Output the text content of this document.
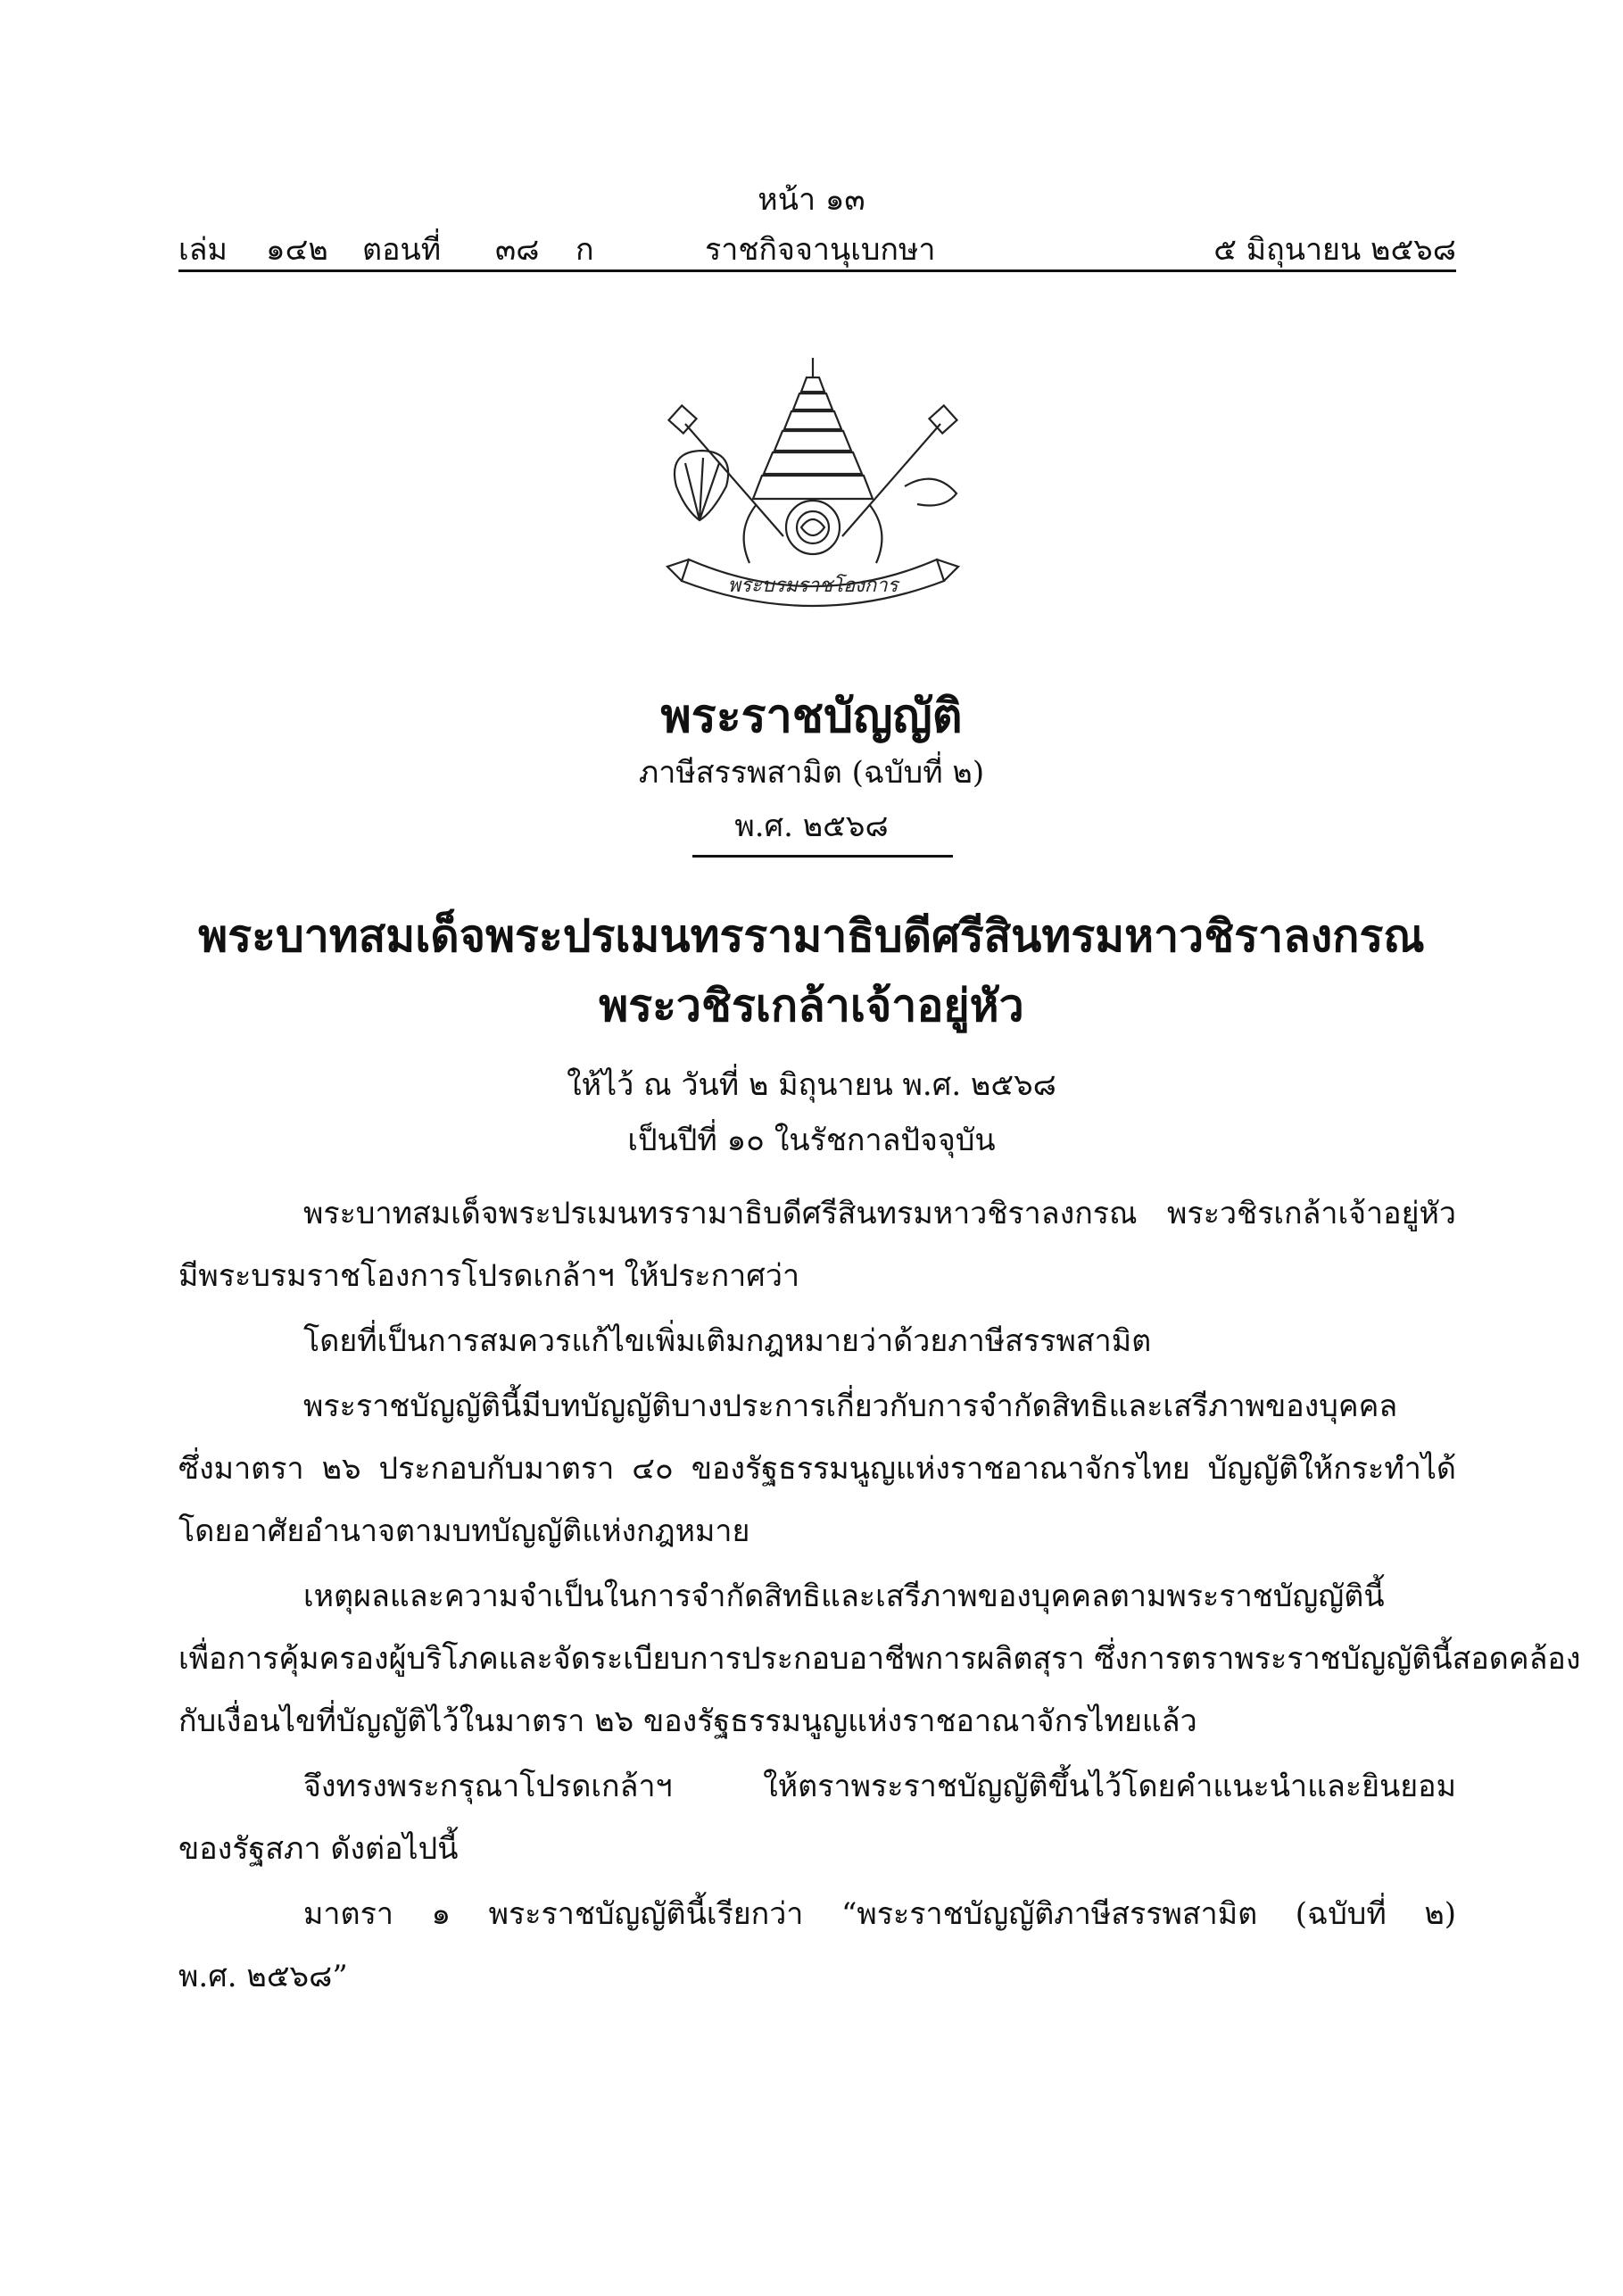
หน้า ๑๓
เล่ม ๑๔๒ ตอนที่ ๓๘ ก	ราชกิจจานุเบกษา	๕ มิถุนายน ๒๕๖๘
พระบรมราชโองการ
พระราชบัญญัติ
ภาษีสรรพสามิต (ฉบับที่ ๒)
พ.ศ. ๒๕๖๘
พระบาทสมเด็จพระปรเมนทรรามาธิบดีศรีสินทรมหาวชิราลงกรณ
พระวชิรเกล้าเจ้าอยู่หัว
ให้ไว้ ณ วันที่ ๒ มิถุนายน พ.ศ. ๒๕๖๘
เป็นปีที่ ๑๐ ในรัชกาลปัจจุบัน
พระบาทสมเด็จพระปรเมนทรรามาธิบดีศรีสินทรมหาวชิราลงกรณ พระวชิรเกล้าเจ้าอยู่หัว
มีพระบรมราชโองการโปรดเกล้าฯ ให้ประกาศว่า
โดยที่เป็นการสมควรแก้ไขเพิ่มเติมกฎหมายว่าด้วยภาษีสรรพสามิต
พระราชบัญญัตินี้มีบทบัญญัติบางประการเกี่ยวกับการจำกัดสิทธิและเสรีภาพของบุคคล
ซึ่งมาตรา ๒๖ ประกอบกับมาตรา ๔๐ ของรัฐธรรมนูญแห่งราชอาณาจักรไทย บัญญัติให้กระทำได้
โดยอาศัยอำนาจตามบทบัญญัติแห่งกฎหมาย
เหตุผลและความจำเป็นในการจำกัดสิทธิและเสรีภาพของบุคคลตามพระราชบัญญัตินี้
เพื่อการคุ้มครองผู้บริโภคและจัดระเบียบการประกอบอาชีพการผลิตสุรา ซึ่งการตราพระราชบัญญัตินี้สอดคล้อง
กับเงื่อนไขที่บัญญัติไว้ในมาตรา ๒๖ ของรัฐธรรมนูญแห่งราชอาณาจักรไทยแล้ว
จึงทรงพระกรุณาโปรดเกล้าฯ ให้ตราพระราชบัญญัติขึ้นไว้โดยคำแนะนำและยินยอม
ของรัฐสภา ดังต่อไปนี้
มาตรา ๑ พระราชบัญญัตินี้เรียกว่า “พระราชบัญญัติภาษีสรรพสามิต (ฉบับที่ ๒)
พ.ศ. ๒๕๖๘”
